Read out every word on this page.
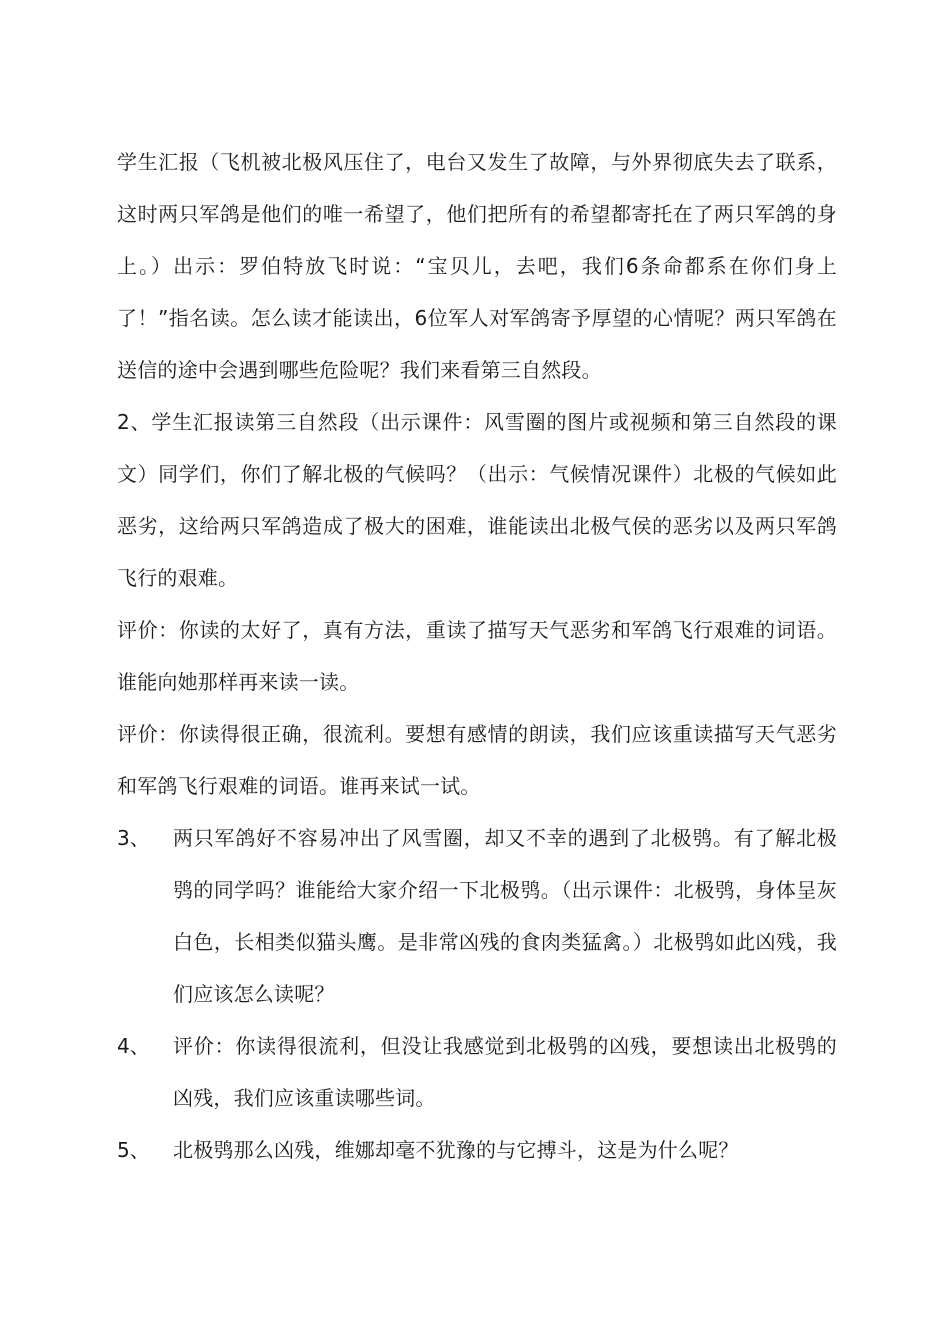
学生汇报（飞机被北极风压住了，电台又发生了故障，与外界彻底失去了联系，这时两只军鸽是他们的唯一希望了，他们把所有的希望都寄托在了两只军鸽的身上。）出示：罗伯特放飞时说：“宝贝儿，去吧，我们6条命都系在你们身上了！”指名读。怎么读才能读出，6位军人对军鸽寄予厚望的心情呢？两只军鸽在送信的途中会遇到哪些危险呢？我们来看第三自然段。

2、学生汇报读第三自然段（出示课件：风雪圈的图片或视频和第三自然段的课文）同学们，你们了解北极的气候吗？（出示：气候情况课件）北极的气候如此恶劣，这给两只军鸽造成了极大的困难，谁能读出北极气侯的恶劣以及两只军鸽飞行的艰难。

评价：你读的太好了，真有方法，重读了描写天气恶劣和军鸽飞行艰难的词语。谁能向她那样再来读一读。

评价：你读得很正确，很流利。要想有感情的朗读，我们应该重读描写天气恶劣和军鸽飞行艰难的词语。谁再来试一试。

3、	两只军鸽好不容易冲出了风雪圈，却又不幸的遇到了北极鸮。有了解北极鸮的同学吗？谁能给大家介绍一下北极鸮。（出示课件：北极鸮，身体呈灰白色，长相类似猫头鹰。是非常凶残的食肉类猛禽。）北极鸮如此凶残，我们应该怎么读呢？
4、	评价：你读得很流利，但没让我感觉到北极鸮的凶残，要想读出北极鸮的凶残，我们应该重读哪些词。
5、	北极鸮那么凶残，维娜却毫不犹豫的与它搏斗，这是为什么呢？
